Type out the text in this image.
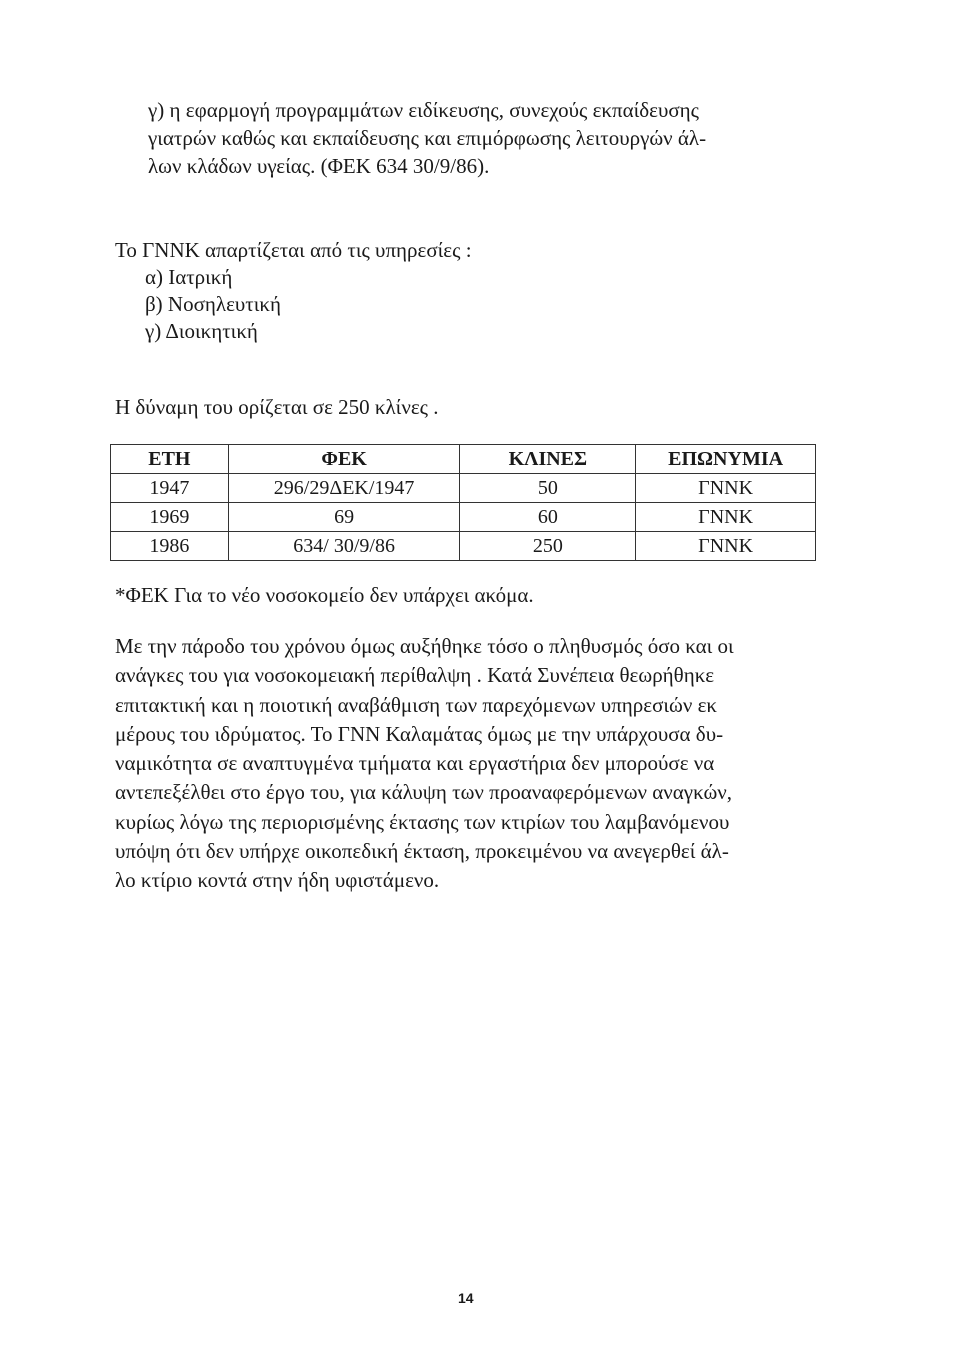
γ) η εφαρμογή προγραμμάτων ειδίκευσης, συνεχούς εκπαίδευσης
γιατρών καθώς και εκπαίδευσης και επιμόρφωσης λειτουργών άλ-
λων κλάδων υγείας. (ΦΕΚ 634 30/9/86).
Το ΓΝΝΚ απαρτίζεται από τις υπηρεσίες :
α) Ιατρική
β) Νοσηλευτική
γ) Διοικητική
Η δύναμη του ορίζεται σε 250 κλίνες .
ΕΤΗ	ΦΕΚ	ΚΛΙΝΕΣ	ΕΠΩΝΥΜΙΑ
1947	296/29ΔΕΚ/1947	50	ΓΝΝΚ
1969	69	60	ΓΝΝΚ
1986	634/ 30/9/86	250	ΓΝΝΚ
*ΦΕΚ Για το νέο νοσοκομείο δεν υπάρχει ακόμα.
Με την πάροδο του χρόνου όμως αυξήθηκε τόσο ο πληθυσμός όσο και οι
ανάγκες του για νοσοκομειακή περίθαλψη . Κατά Συνέπεια θεωρήθηκε
επιτακτική και η ποιοτική αναβάθμιση των παρεχόμενων υπηρεσιών εκ
μέρους του ιδρύματος. Το ΓΝΝ Καλαμάτας όμως με την υπάρχουσα δυ-
ναμικότητα σε αναπτυγμένα τμήματα και εργαστήρια δεν μπορούσε να
αντεπεξέλθει στο έργο του, για κάλυψη των προαναφερόμενων αναγκών,
κυρίως λόγω της περιορισμένης έκτασης των κτιρίων του λαμβανόμενου
υπόψη ότι δεν υπήρχε οικοπεδική έκταση, προκειμένου να ανεγερθεί άλ-
λο κτίριο κοντά στην ήδη υφιστάμενο.
14
